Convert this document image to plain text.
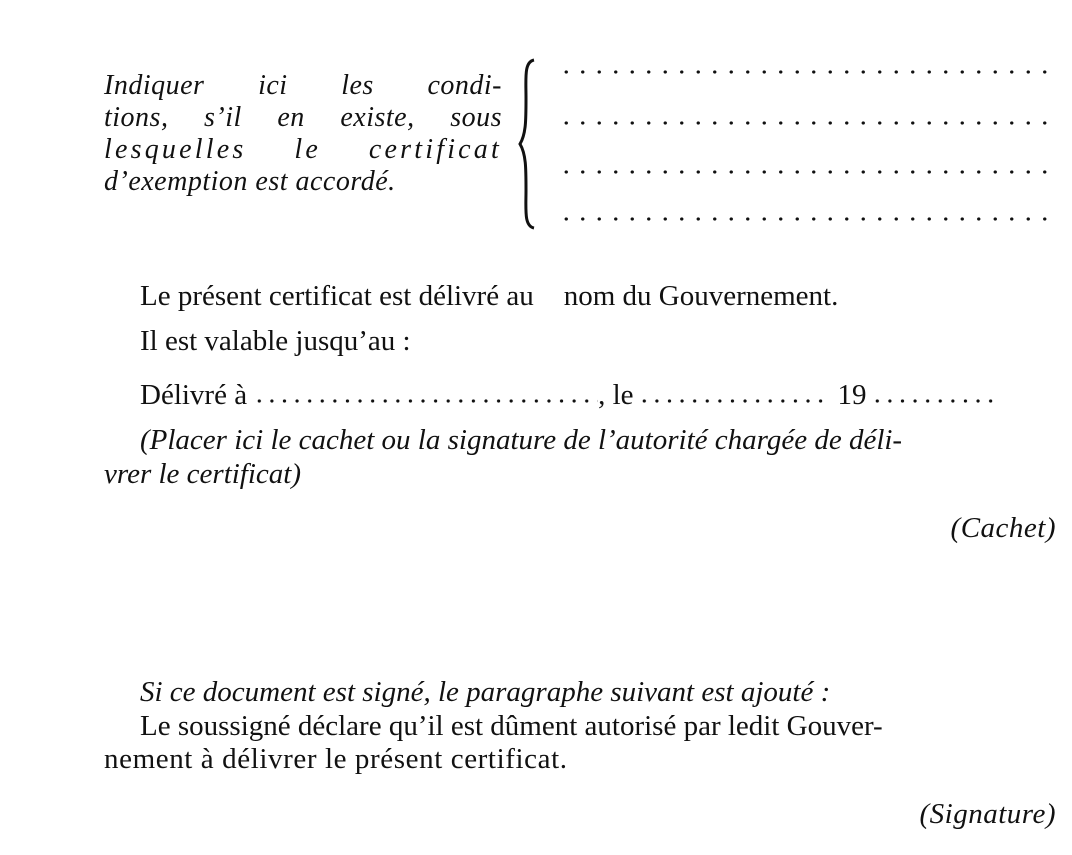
Indiquer ici les condi-
tions, s’il en existe, sous
lesquelles le certificat
d’exemption est accordé.
Le présent certificat est délivré au nom du Gouvernement.
Il est valable jusqu’au :
Délivré à	, le	19
(Placer ici le cachet ou la signature de l’autorité chargée de déli-
vrer le certificat)
(Cachet)
Si ce document est signé, le paragraphe suivant est ajouté :
Le soussigné déclare qu’il est dûment autorisé par ledit Gouver-
nement à délivrer le présent certificat.
(Signature)
